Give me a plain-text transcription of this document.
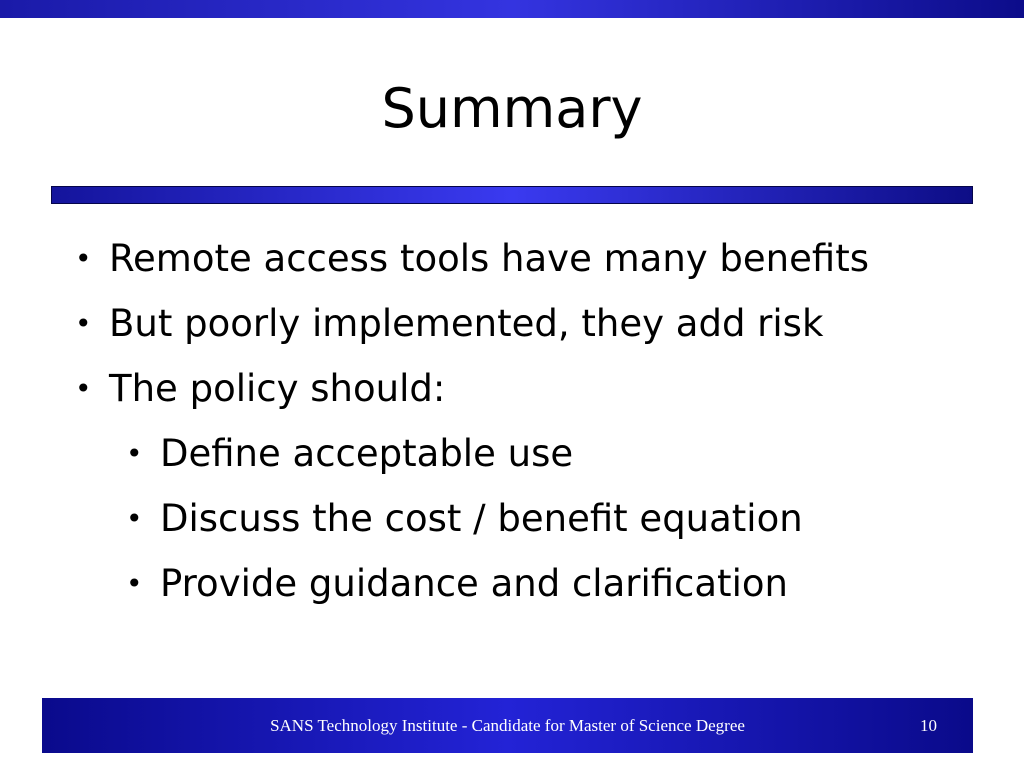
Summary
• Remote access tools have many benefits
• But poorly implemented, they add risk
• The policy should:
• Define acceptable use
• Discuss the cost / benefit equation
• Provide guidance and clarification
SANS Technology Institute - Candidate for Master of Science Degree	10
